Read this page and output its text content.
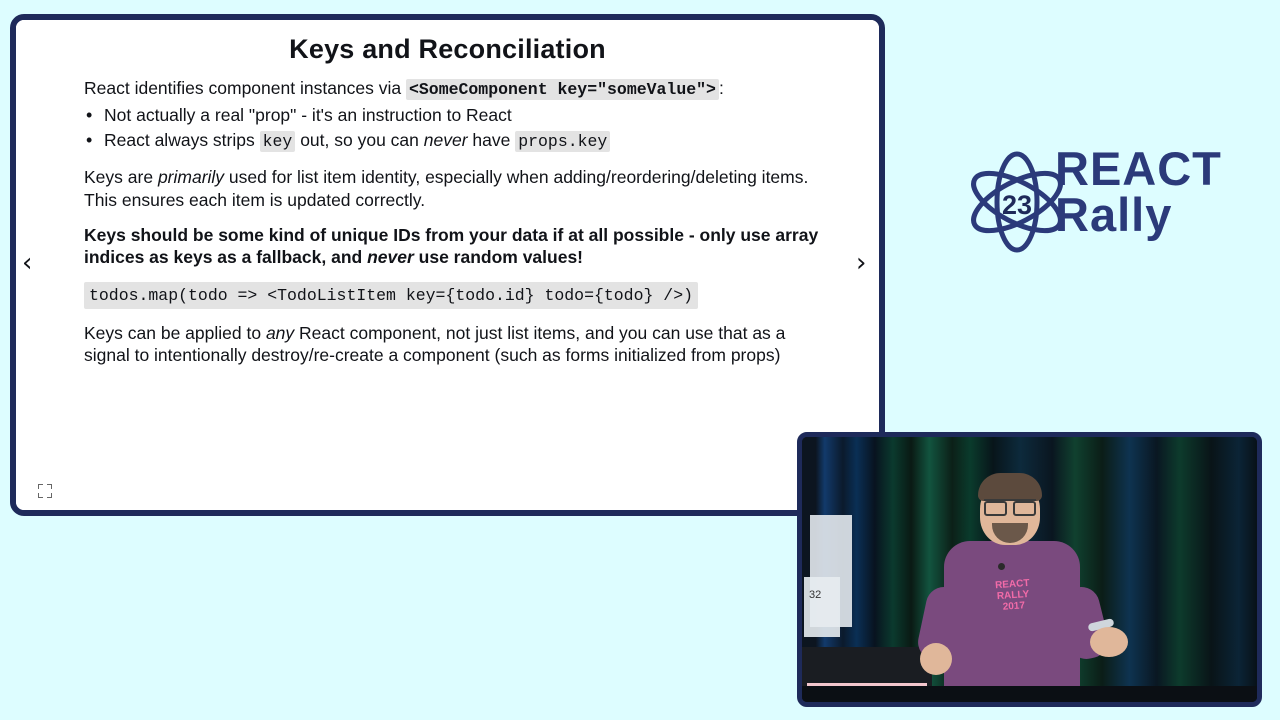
Keys and Reconciliation
React identifies component instances via <SomeComponent key="someValue"> :
• Not actually a real "prop" - it's an instruction to React
• React always strips key out, so you can never have props.key
Keys are primarily used for list item identity, especially when adding/reordering/deleting items. This ensures each item is updated correctly.
Keys should be some kind of unique IDs from your data if at all possible - only use array indices as keys as a fallback, and never use random values!
todos.map(todo => <TodoListItem key={todo.id} todo={todo} />)
Keys can be applied to any React component, not just list items, and you can use that as a signal to intentionally destroy/re-create a component (such as forms initialized from props)
‹	›
23
REACT
Rally
32
REACT RALLY
2017
